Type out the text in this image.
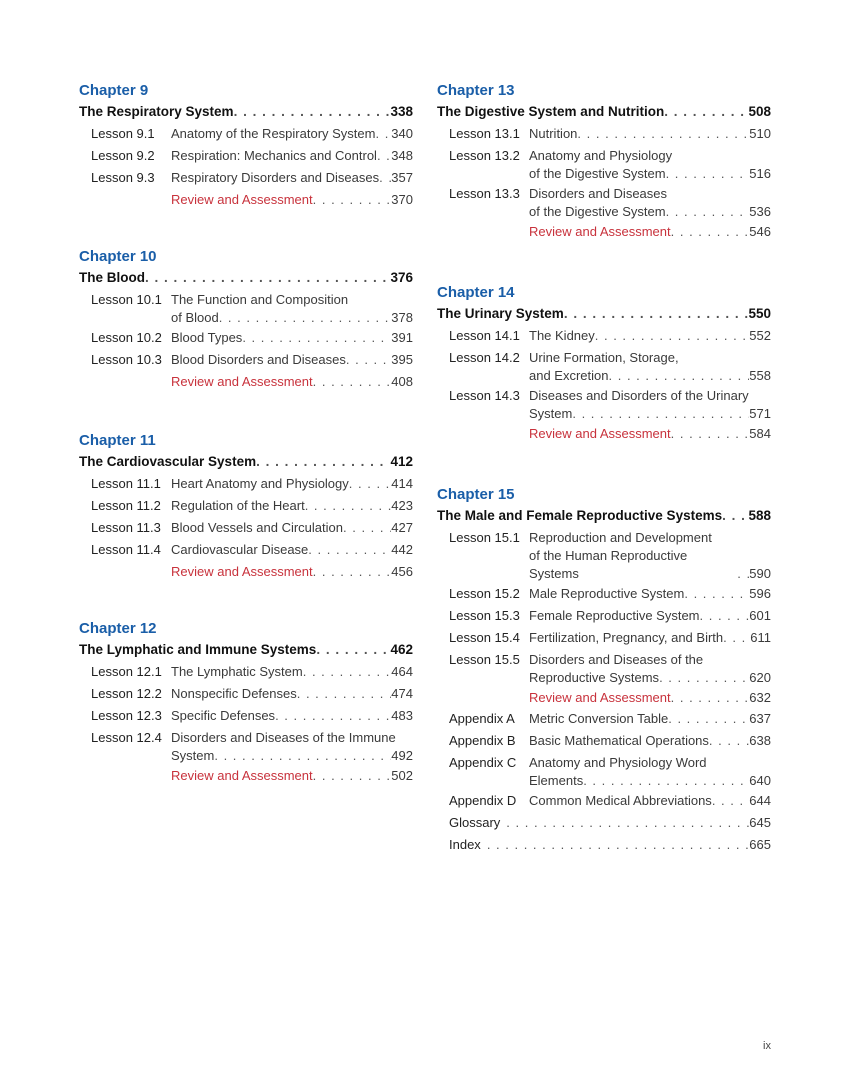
Chapter 9
The Respiratory System . . .	338
Lesson 9.1	Anatomy of the Respiratory System . . . 340
Lesson 9.2	Respiration: Mechanics and Control . . . 348
Lesson 9.3	Respiratory Disorders and Diseases . . . 357
Review and Assessment . . .	370
Chapter 10
The Blood . . .	376
Lesson 10.1 The Function and Composition
of Blood . . .	378
Lesson 10.2 Blood Types . . .	391
Lesson 10.3 Blood Disorders and Diseases . . .	395
Review and Assessment . . .	408
Chapter 11
The Cardiovascular System . . .	412
Lesson 11.1 Heart Anatomy and Physiology . . .	414
Lesson 11.2 Regulation of the Heart . . .	423
Lesson 11.3 Blood Vessels and Circulation . . .	427
Lesson 11.4 Cardiovascular Disease . . .	442
Review and Assessment . . .	456
Chapter 12
The Lymphatic and Immune Systems . . .	462
Lesson 12.1 The Lymphatic System . . .	464
Lesson 12.2 Nonspecific Defenses . . .	474
Lesson 12.3 Specific Defenses . . .	483
Lesson 12.4 Disorders and Diseases of the Immune
System . . .	492
Review and Assessment . . .	502
Chapter 13
The Digestive System and Nutrition . . .	508
Lesson 13.1 Nutrition . . .	510
Lesson 13.2 Anatomy and Physiology
of the Digestive System . . .	516
Lesson 13.3 Disorders and Diseases
of the Digestive System . . .	536
Review and Assessment . . .	546
Chapter 14
The Urinary System . . .	550
Lesson 14.1 The Kidney . . .	552
Lesson 14.2 Urine Formation, Storage,
and Excretion . . .	558
Lesson 14.3 Diseases and Disorders of the Urinary
System . . .	571
Review and Assessment . . .	584
Chapter 15
The Male and Female Reproductive Systems . . . 588
Lesson 15.1 Reproduction and Development
of the Human Reproductive Systems . . .	590
Lesson 15.2 Male Reproductive System . . .	596
Lesson 15.3 Female Reproductive System . . .	601
Lesson 15.4 Fertilization, Pregnancy, and Birth . . . 611
Lesson 15.5 Disorders and Diseases of the
Reproductive Systems . . .	620
Review and Assessment . . .	632
Appendix A	Metric Conversion Table . . .	637
Appendix B	Basic Mathematical Operations . . .	638
Appendix C Anatomy and Physiology Word
Elements . . .	640
Appendix D Common Medical Abbreviations . . .	644
Glossary . . .	645
Index . . .	665
ix
